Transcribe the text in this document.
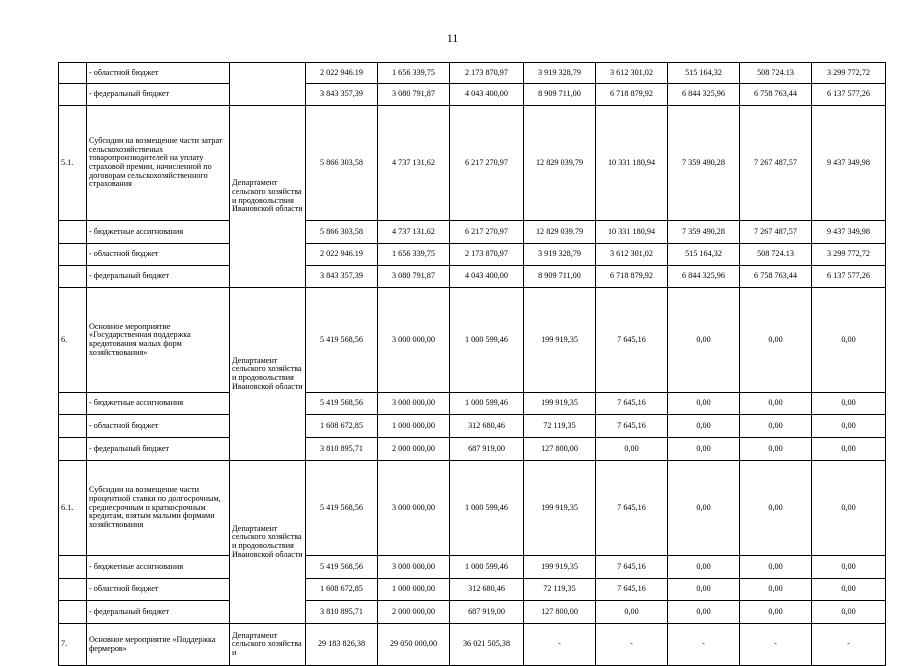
11
	- областной бюджет		2 022 946.19	1 656 339,75	2 173 870,97	3 919 328,79	3 612 301,02	515 164,32	508 724.13	3 299 772,72
	- федеральный бюджет		3 843 357,39	3 080 791,87	4 043 400,00	8 909 711,00	6 718 879,92	6 844 325,96	6 758 763,44	6 137 577,26
5.1.	Субсидии на возмещение части затрат сельскохозяйственых товаропроизводителей на уплату страховой премии, начисленной по договорам сельскохозяйственного страхования	Департамент сельского хозяйства и продовольствия Ивановской области	5 866 303,58	4 737 131,62	6 217 270,97	12 829 039,79	10 331 180,94	7 359 490,28	7 267 487,57	9 437 349,98
	- бюджетные ассигнования		5 866 303,58	4 737 131.62	6 217 270,97	12 829 039.79	10 331 180,94	7 359 490,28	7 267 487,57	9 437 349,98
	- областной бюджет		2 022 946.19	1 656 339,75	2 173 870,97	3 919 328,79	3 612 301,02	515 164,32	508 724.13	3 299 772,72
	- федеральный бюджет		3 843 357,39	3 080 791,87	4 043 400,00	8 909 711,00	6 718 879,92	6 844 325,96	6 758 763,44	6 137 577,26
6.	Основное мероприятие «Государственная поддержка кредитования малых форм хозяйствования»	Департамент сельского хозяйства и продовольствия Ивановской области	5 419 568,56	3 000 000,00	1 000 599,46	199 919,35	7 645,16	0,00	0,00	0,00
	- бюджетные ассигнования		5 419 568,56	3 000 000,00	1 000 599,46	199 919,35	7 645,16	0,00	0,00	0,00
	- областной бюджет		1 608 672,85	1 000 000,00	312 680,46	72 119,35	7 645,16	0,00	0,00	0,00
	- федеральный бюджет		3 810 895,71	2 000 000,00	687 919,00	127 800,00	0,00	0,00	0,00	0,00
6.1.	Субсидии на возмещение части процентной ставки по долгосрочным, среднесрочным и краткосрочным кредитам, взятым малыми формами хозяйствования	Департамент сельского хозяйства и продовольствия Ивановской области	5 419 568,56	3 000 000,00	1 000 599,46	199 919,35	7 645,16	0,00	0,00	0,00
	- бюджетные ассигнования		5 419 568,56	3 000 000,00	1 000 599,46	199 919,35	7 645,16	0,00	0,00	0,00
	- областной бюджет		1 608 672,85	1 000 000,00	312 680,46	72 119,35	7 645,16	0,00	0,00	0,00
	- федеральный бюджет		3 810 895,71	2 000 000,00	687 919,00	127 800,00	0,00	0,00	0,00	0,00
7.	Основное мероприятие «Поддержка фермеров»	Департамент сельского хозяйства и	29 183 826,38	29 050 000,00	36 021 505,38	-	-	-	-	-
